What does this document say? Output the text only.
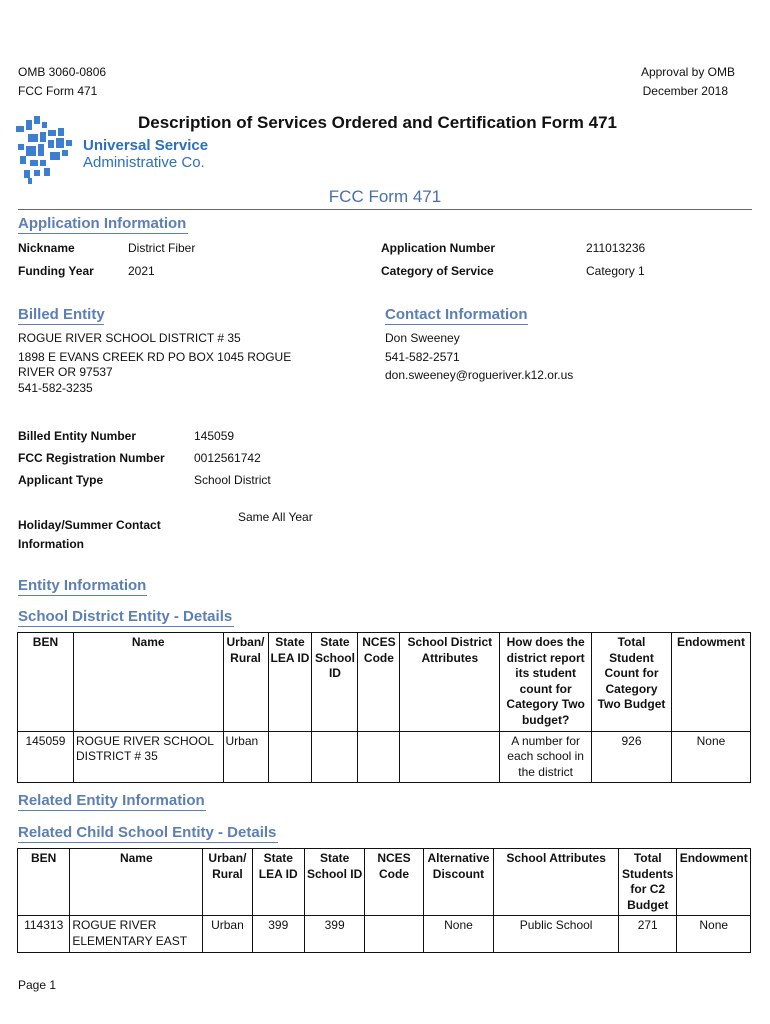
OMB 3060-0806
FCC Form 471
Approval by OMB
December 2018
Universal Service
Administrative Co.
Description of Services Ordered and Certification Form 471
FCC Form 471
Application Information
Nickname	District Fiber	Application Number	211013236
Funding Year	2021	Category of Service	Category 1
Billed Entity
ROGUE RIVER SCHOOL DISTRICT # 35
1898 E EVANS CREEK RD PO BOX 1045 ROGUE
RIVER OR 97537
541-582-3235
Contact Information
Don Sweeney
541-582-2571
don.sweeney@rogueriver.k12.or.us
Billed Entity Number	145059
FCC Registration Number 0012561742
Applicant Type	School District
Holiday/Summer Contact
Information
Same All Year
Entity Information
School District Entity - Details
BEN	Name	Urban/ Rural	State LEA ID	State School ID	NCES Code	School District Attributes	How does the district report its student count for Category Two budget?	Total Student Count for Category Two Budget	Endowment
145059	ROGUE RIVER SCHOOL DISTRICT # 35	Urban					A number for each school in the district	926	None
Related Entity Information
Related Child School Entity - Details
BEN	Name	Urban/ Rural	State LEA ID	State School ID	NCES Code	Alternative Discount	School Attributes	Total Students for C2 Budget	Endowment
114313	ROGUE RIVER ELEMENTARY EAST	Urban	399	399		None	Public School	271	None
Page 1
